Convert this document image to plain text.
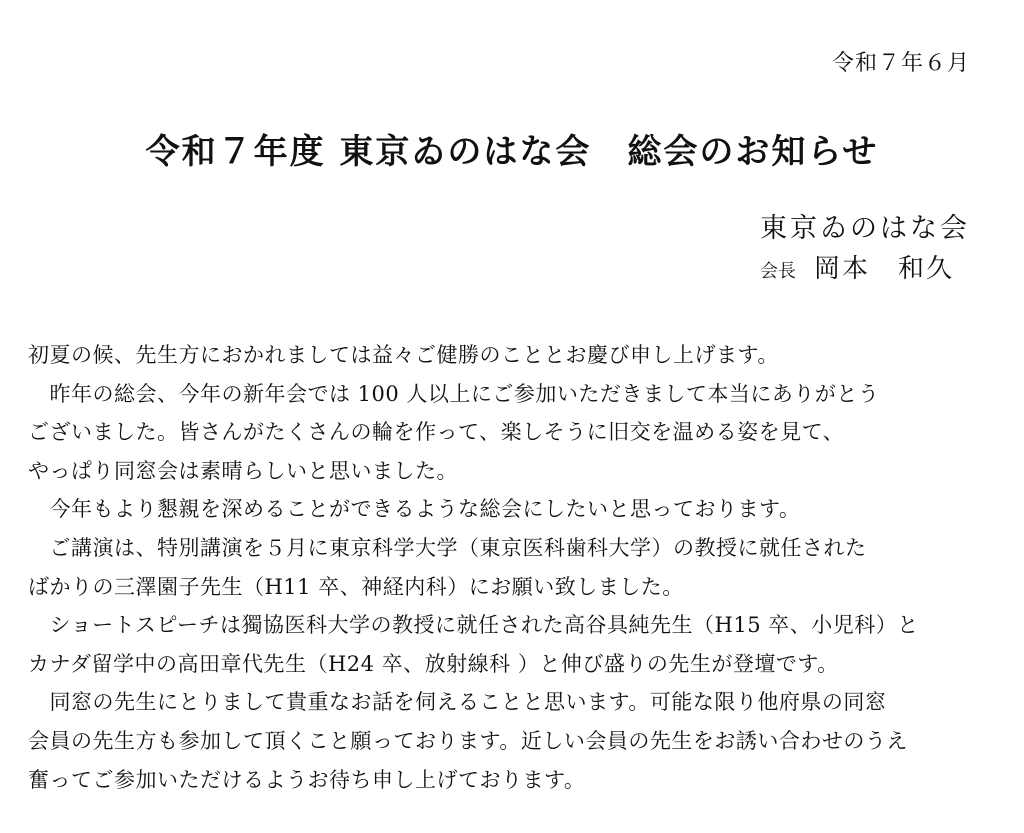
令和７年６月
令和７年度 東京ゐのはな会　総会のお知らせ
東京ゐのはな会
会長 岡本　和久
初夏の候、先生方におかれましては益々ご健勝のこととお慶び申し上げます。
　昨年の総会、今年の新年会では 100 人以上にご参加いただきまして本当にありがとう
ございました。皆さんがたくさんの輪を作って、楽しそうに旧交を温める姿を見て、
やっぱり同窓会は素晴らしいと思いました。
　今年もより懇親を深めることができるような総会にしたいと思っております。
　ご講演は、特別講演を５月に東京科学大学（東京医科歯科大学）の教授に就任された
ばかりの三澤園子先生（H11 卒、神経内科）にお願い致しました。
　ショートスピーチは獨協医科大学の教授に就任された高谷具純先生（H15 卒、小児科）と
カナダ留学中の高田章代先生（H24 卒、放射線科 ）と伸び盛りの先生が登壇です。
　同窓の先生にとりまして貴重なお話を伺えることと思います。可能な限り他府県の同窓
会員の先生方も参加して頂くこと願っております。近しい会員の先生をお誘い合わせのうえ
奮ってご参加いただけるようお待ち申し上げております。
